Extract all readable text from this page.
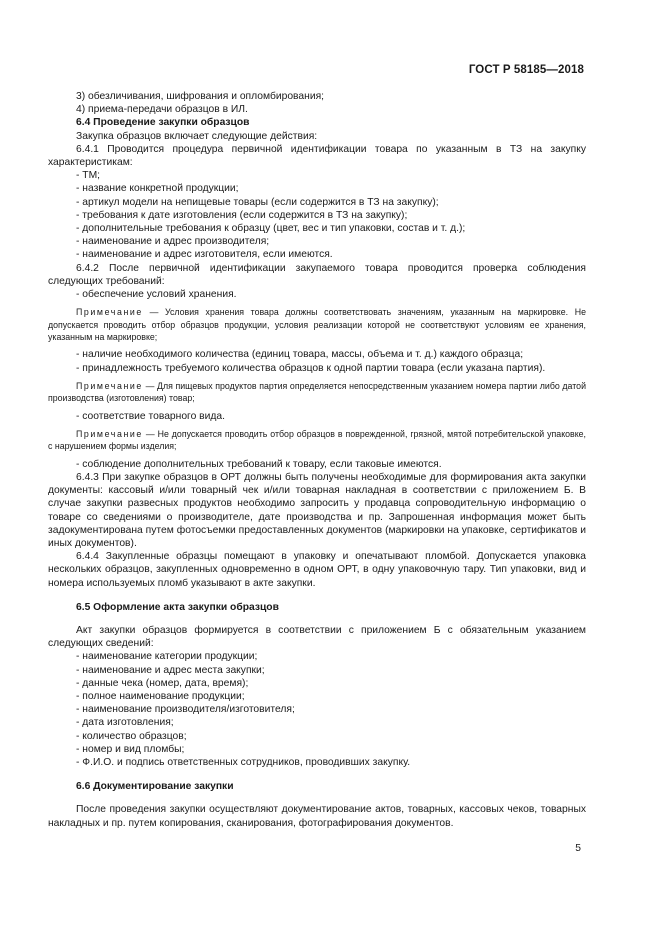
ГОСТ Р 58185—2018

3) обезличивания, шифрования и опломбирования;

4) приема-передачи образцов в ИЛ.

6.4 Проведение закупки образцов

Закупка образцов включает следующие действия:

6.4.1 Проводится процедура первичной идентификации товара по указанным в ТЗ на закупку характеристикам:

- ТМ;

- название конкретной продукции;

- артикул модели на непищевые товары (если содержится в ТЗ на закупку);

- требования к дате изготовления (если содержится в ТЗ на закупку);

- дополнительные требования к образцу (цвет, вес и тип упаковки, состав и т. д.);

- наименование и адрес производителя;

- наименование и адрес изготовителя, если имеются.

6.4.2 После первичной идентификации закупаемого товара проводится проверка соблюдения следующих требований:

- обеспечение условий хранения.

Примечание — Условия хранения товара должны соответствовать значениям, указанным на маркировке. Не допускается проводить отбор образцов продукции, условия реализации которой не соответствуют условиям ее хранения, указанным на маркировке;

- наличие необходимого количества (единиц товара, массы, объема и т. д.) каждого образца;

- принадлежность требуемого количества образцов к одной партии товара (если указана партия).

Примечание — Для пищевых продуктов партия определяется непосредственным указанием номера партии либо датой производства (изготовления) товар;

- соответствие товарного вида.

Примечание — Не допускается проводить отбор образцов в поврежденной, грязной, мятой потребительской упаковке, с нарушением формы изделия;

- соблюдение дополнительных требований к товару, если таковые имеются.

6.4.3 При закупке образцов в ОРТ должны быть получены необходимые для формирования акта закупки документы: кассовый и/или товарный чек и/или товарная накладная в соответствии с приложением Б. В случае закупки развесных продуктов необходимо запросить у продавца сопроводительную информацию о товаре со сведениями о производителе, дате производства и пр. Запрошенная информация может быть задокументирована путем фотосъемки предоставленных документов (маркировки на упаковке, сертификатов и иных документов).

6.4.4 Закупленные образцы помещают в упаковку и опечатывают пломбой. Допускается упаковка нескольких образцов, закупленных одновременно в одном ОРТ, в одну упаковочную тару. Тип упаковки, вид и номера используемых пломб указывают в акте закупки.

6.5 Оформление акта закупки образцов

Акт закупки образцов формируется в соответствии с приложением Б с обязательным указанием следующих сведений:

- наименование категории продукции;

- наименование и адрес места закупки;

- данные чека (номер, дата, время);

- полное наименование продукции;

- наименование производителя/изготовителя;

- дата изготовления;

- количество образцов;

- номер и вид пломбы;

- Ф.И.О. и подпись ответственных сотрудников, проводивших закупку.

6.6 Документирование закупки

После проведения закупки осуществляют документирование актов, товарных, кассовых чеков, товарных накладных и пр. путем копирования, сканирования, фотографирования документов.

5
